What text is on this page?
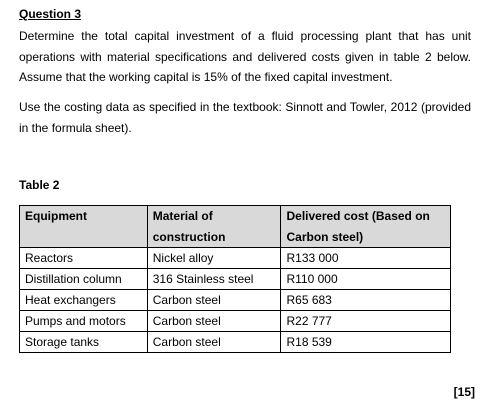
Question 3
Determine the total capital investment of a fluid processing plant that has unit operations with material specifications and delivered costs given in table 2 below. Assume that the working capital is 15% of the fixed capital investment.
Use the costing data as specified in the textbook: Sinnott and Towler, 2012 (provided in the formula sheet).
Table 2
Equipment	Material of construction	Delivered cost (Based on Carbon steel)
Reactors	Nickel alloy	R133 000
Distillation column	316 Stainless steel	R110 000
Heat exchangers	Carbon steel	R65 683
Pumps and motors	Carbon steel	R22 777
Storage tanks	Carbon steel	R18 539
[15]
